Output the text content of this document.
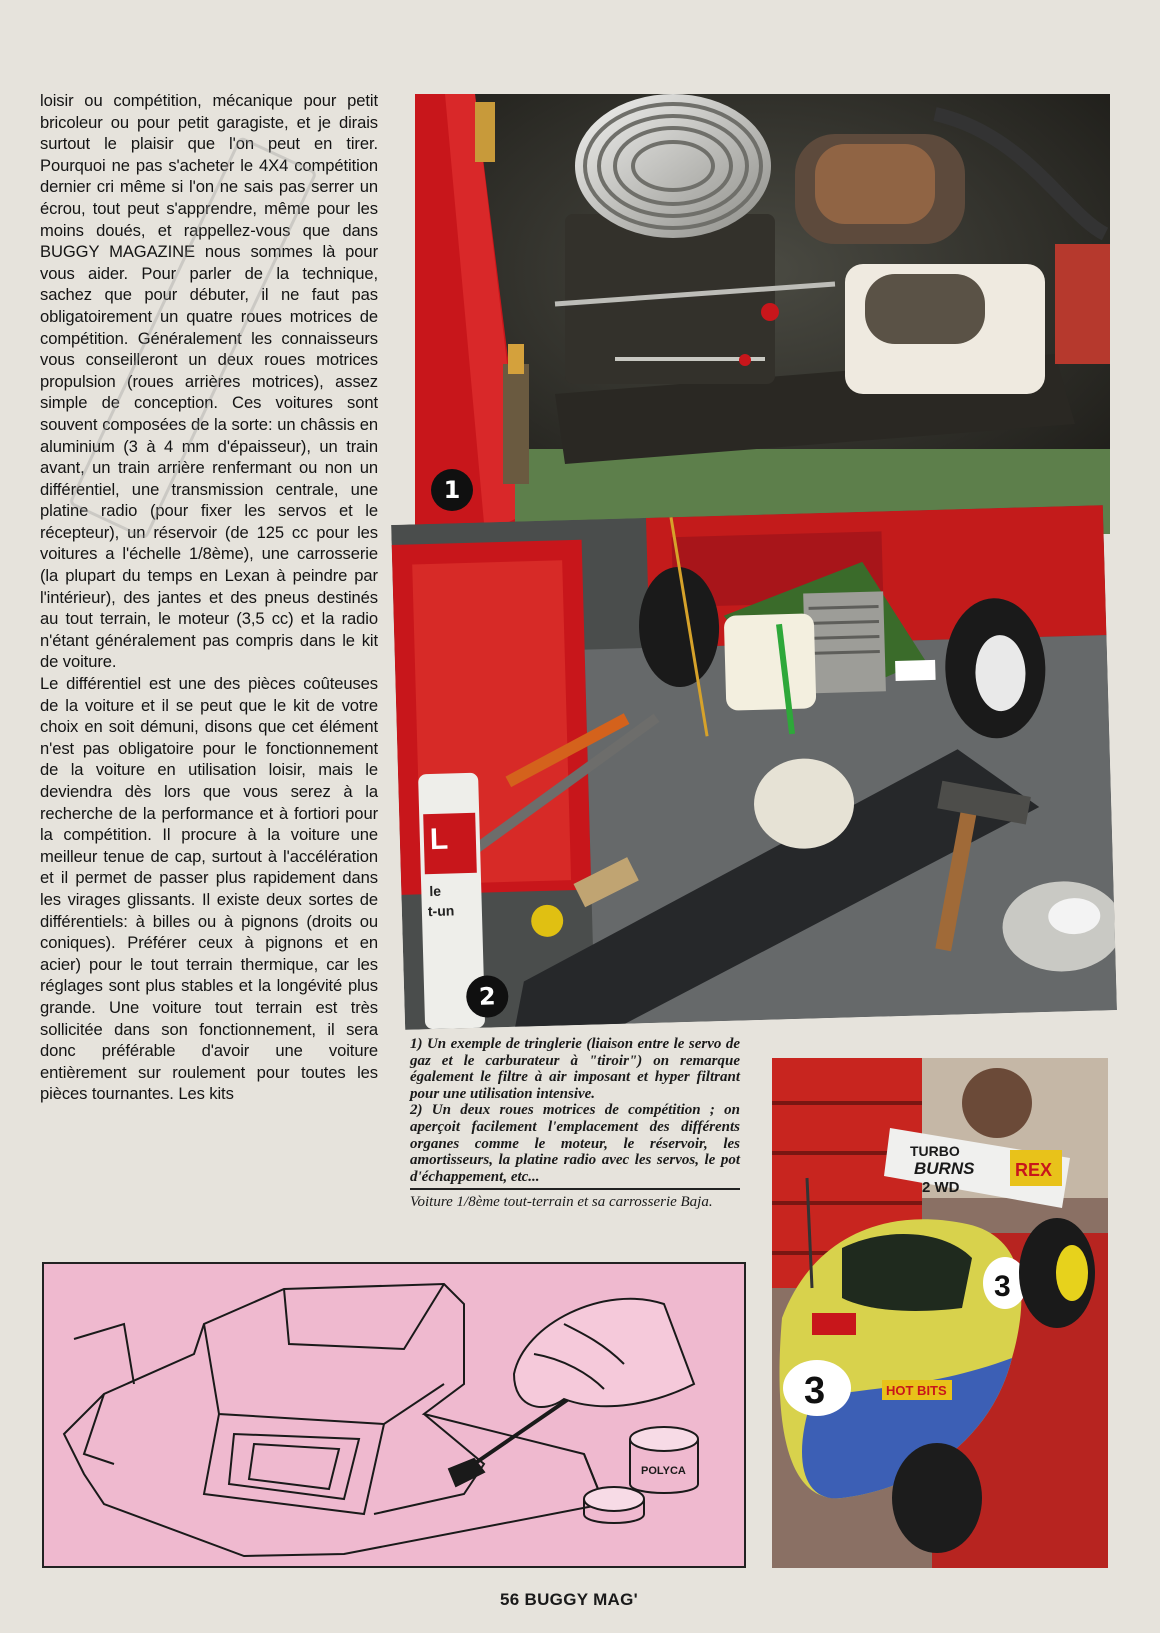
loisir ou compétition, mécanique pour petit bricoleur ou pour petit garagiste, et je dirais surtout le plaisir que l'on peut en tirer. Pourquoi ne pas s'acheter le 4X4 compétition dernier cri même si l'on ne sais pas serrer un écrou, tout peut s'apprendre, même pour les moins doués, et rappellez-vous que dans BUGGY MAGAZINE nous sommes là pour vous aider. Pour parler de la technique, sachez que pour débuter, il ne faut pas obligatoirement un quatre roues motrices de compétition. Généralement les connaisseurs vous conseilleront un deux roues motrices propulsion (roues arrières motrices), assez simple de conception. Ces voitures sont souvent composées de la sorte: un châssis en aluminium (3 à 4 mm d'épaisseur), un train avant, un train arrière renfermant ou non un différentiel, une transmission centrale, une platine radio (pour fixer les servos et le récepteur), un réservoir (de 125 cc pour les voitures a l'échelle 1/8ème), une carrosserie (la plupart du temps en Lexan à peindre par l'intérieur), des jantes et des pneus destinés au tout terrain, le moteur (3,5 cc) et la radio n'étant généralement pas compris dans le kit de voiture.

Le différentiel est une des pièces coûteuses de la voiture et il se peut que le kit de votre choix en soit démuni, disons que cet élément n'est pas obligatoire pour le fonctionnement de la voiture en utilisation loisir, mais le deviendra dès lors que vous serez à la recherche de la performance et à fortiori pour la compétition. Il procure à la voiture une meilleur tenue de cap, surtout à l'accélération et il permet de passer plus rapidement dans les virages glissants. Il existe deux sortes de différentiels: à billes ou à pignons (droits ou coniques). Préférer ceux à pignons et en acier) pour le tout terrain thermique, car les réglages sont plus stables et la longévité plus grande. Une voiture tout terrain est très sollicitée dans son fonctionnement, il sera donc préférable d'avoir une voiture entièrement sur roulement pour toutes les pièces tournantes. Les kits

1
L
le
t-un
2
TURBO
BURNS
2 WD
REX
3
3
HOT BITS

1) Un exemple de tringlerie (liaison entre le servo de gaz et le carburateur à "tiroir") on remarque également le filtre à air imposant et hyper filtrant pour une utilisation intensive.

2) Un deux roues motrices de compétition ; on aperçoit facilement l'emplacement des différents organes comme le moteur, le réservoir, les amortisseurs, la platine radio avec les servos, le pot d'échappement, etc...

Voiture 1/8ème tout-terrain et sa carrosserie Baja.

POLYCA
56 BUGGY MAG'
